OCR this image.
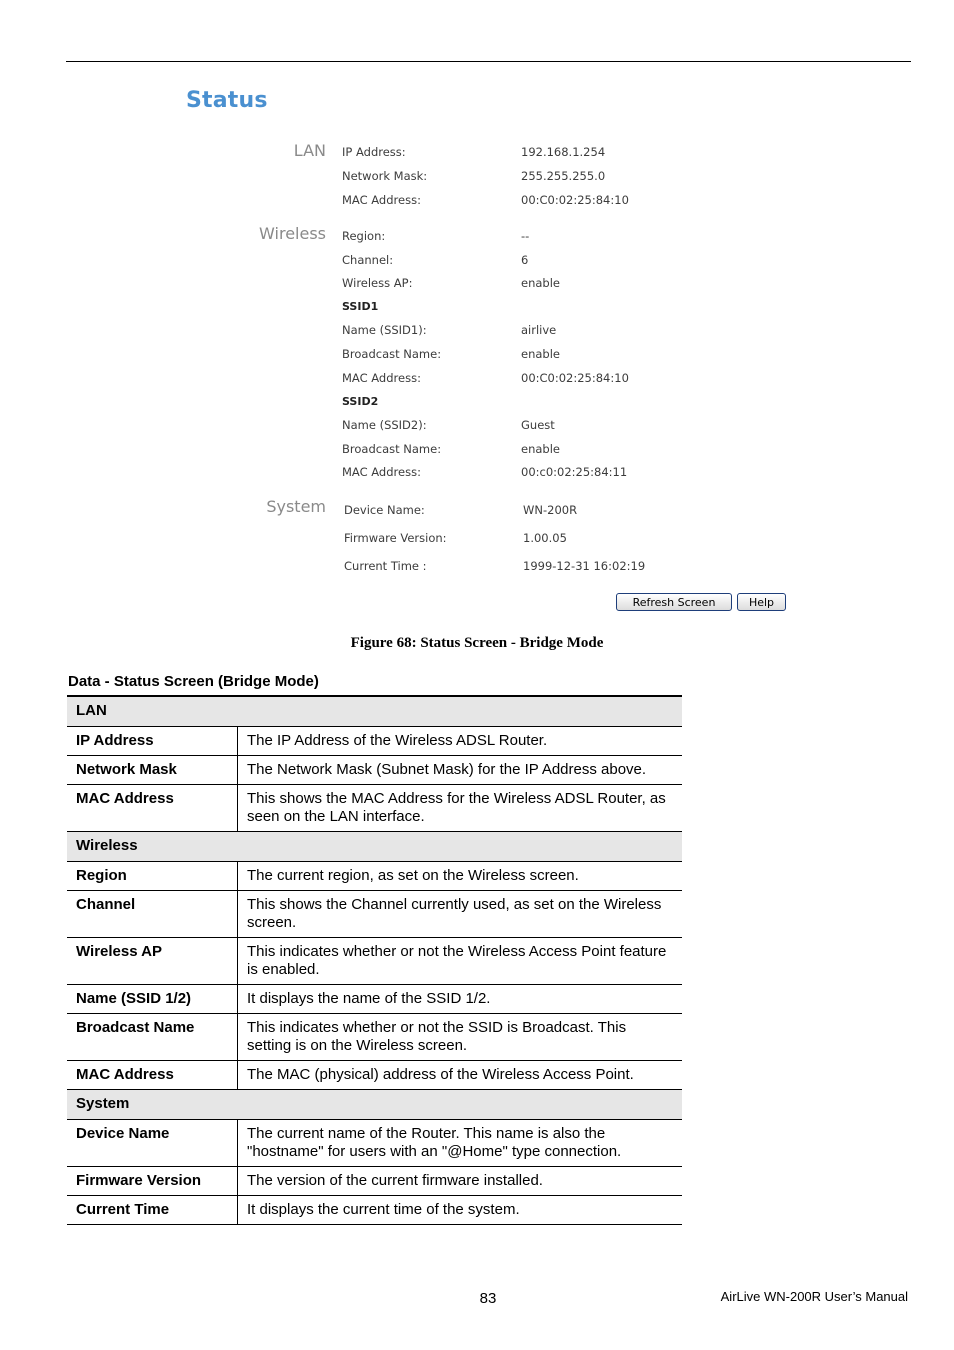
Status
LAN IP Address:	192.168.1.254
Network Mask:	255.255.255.0
MAC Address:	00:C0:02:25:84:10
Wireless Region:	--
Channel:	6
Wireless AP:	enable
SSID1
Name (SSID1):	airlive
Broadcast Name:	enable
MAC Address:	00:C0:02:25:84:10
SSID2
Name (SSID2):	Guest
Broadcast Name:	enable
MAC Address:	00:c0:02:25:84:11
System Device Name:	WN-200R
Firmware Version:	1.00.05
Current Time :	1999-12-31 16:02:19
Refresh Screen	Help
Figure 68: Status Screen - Bridge Mode
Data - Status Screen (Bridge Mode)
LAN	
IP Address	The IP Address of the Wireless ADSL Router.
Network Mask	The Network Mask (Subnet Mask) for the IP Address above.
MAC Address	This shows the MAC Address for the Wireless ADSL Router, as seen on the LAN interface.
Wireless	
Region	The current region, as set on the Wireless screen.
Channel	This shows the Channel currently used, as set on the Wireless screen.
Wireless AP	This indicates whether or not the Wireless Access Point feature is enabled.
Name (SSID 1/2)	It displays the name of the SSID 1/2.
Broadcast Name	This indicates whether or not the SSID is Broadcast. This setting is on the Wireless screen.
MAC Address	The MAC (physical) address of the Wireless Access Point.
System	
Device Name	The current name of the Router. This name is also the "hostname" for users with an "@Home" type connection.
Firmware Version	The version of the current firmware installed.
Current Time	It displays the current time of the system.
83	AirLive WN-200R User’s Manual
